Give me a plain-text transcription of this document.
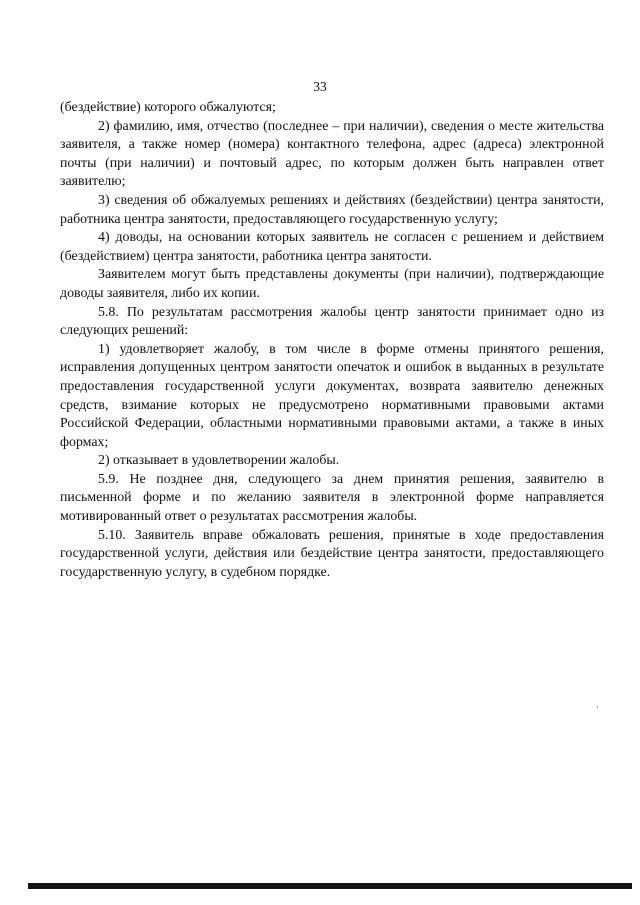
33

(бездействие) которого обжалуются;

2) фамилию, имя, отчество (последнее – при наличии), сведения о месте жительства заявителя, а также номер (номера) контактного телефона, адрес (адреса) электронной почты (при наличии) и почтовый адрес, по которым должен быть направлен ответ заявителю;

3) сведения об обжалуемых решениях и действиях (бездействии) центра занятости, работника центра занятости, предоставляющего государственную услугу;

4) доводы, на основании которых заявитель не согласен с решением и действием (бездействием) центра занятости, работника центра занятости.

Заявителем могут быть представлены документы (при наличии), подтверждающие доводы заявителя, либо их копии.

5.8. По результатам рассмотрения жалобы центр занятости принимает одно из следующих решений:

1) удовлетворяет жалобу, в том числе в форме отмены принятого решения, исправления допущенных центром занятости опечаток и ошибок в выданных в результате предоставления государственной услуги документах, возврата заявителю денежных средств, взимание которых не предусмотрено нормативными правовыми актами Российской Федерации, областными нормативными правовыми актами, а также в иных формах;

2) отказывает в удовлетворении жалобы.

5.9. Не позднее дня, следующего за днем принятия решения, заявителю в письменной форме и по желанию заявителя в электронной форме направляется мотивированный ответ о результатах рассмотрения жалобы.

5.10. Заявитель вправе обжаловать решения, принятые в ходе предоставления государственной услуги, действия или бездействие центра занятости, предоставляющего государственную услугу, в судебном порядке.
